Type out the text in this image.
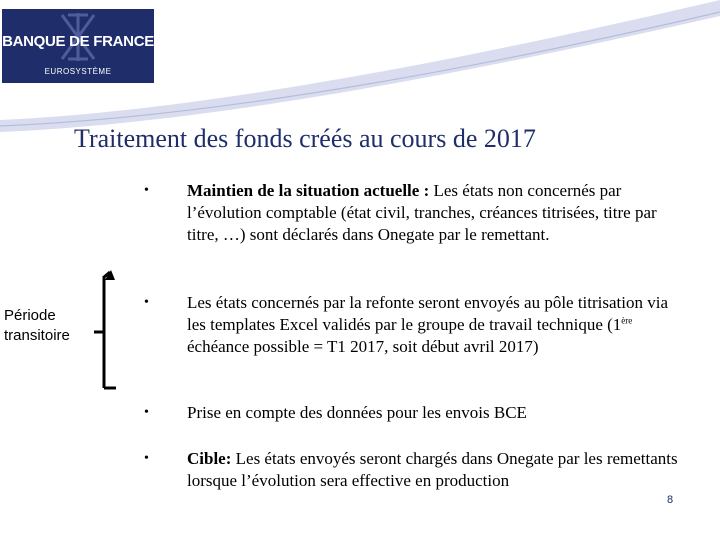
BANQUE DE FRANCE
EUROSYSTÈME
Traitement des fonds créés au cours de 2017
Période
transitoire
•	Maintien de la situation actuelle : Les états non concernés par l’évolution comptable (état civil, tranches, créances titrisées, titre par titre, …) sont déclarés dans Onegate par le remettant.
•	Les états concernés par la refonte seront envoyés au pôle titrisation via les templates Excel validés par le groupe de travail technique (1ère échéance possible = T1 2017, soit début avril 2017)
•	Prise en compte des données pour les envois BCE
•	Cible: Les états envoyés seront chargés dans Onegate par les remettants lorsque l’évolution sera effective en production
8
